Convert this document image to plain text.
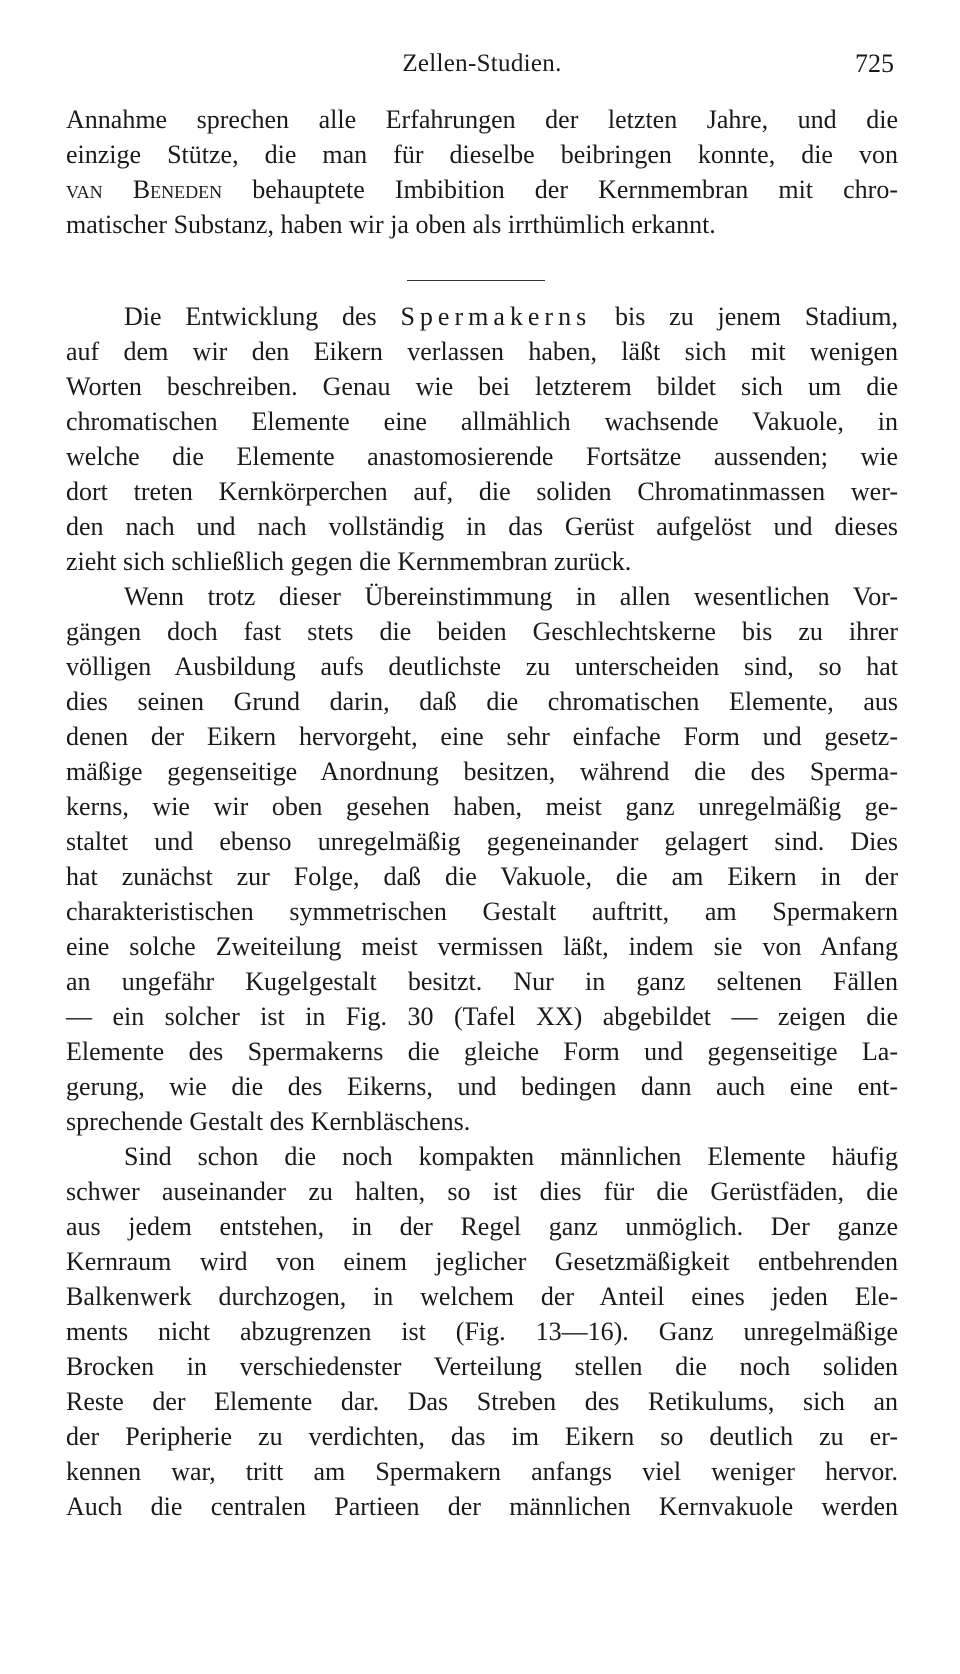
Zellen-Studien.	725
Annahme sprechen alle Erfahrungen der letzten Jahre, und die
einzige Stütze, die man für dieselbe beibringen konnte, die von
van Beneden behauptete Imbibition der Kernmembran mit chro-
matischer Substanz, haben wir ja oben als irrthümlich erkannt.
Die Entwicklung des Spermakerns bis zu jenem Stadium,
auf dem wir den Eikern verlassen haben, läßt sich mit wenigen
Worten beschreiben. Genau wie bei letzterem bildet sich um die
chromatischen Elemente eine allmählich wachsende Vakuole, in
welche die Elemente anastomosierende Fortsätze aussenden; wie
dort treten Kernkörperchen auf, die soliden Chromatinmassen wer-
den nach und nach vollständig in das Gerüst aufgelöst und dieses
zieht sich schließlich gegen die Kernmembran zurück.
Wenn trotz dieser Übereinstimmung in allen wesentlichen Vor-
gängen doch fast stets die beiden Geschlechtskerne bis zu ihrer
völligen Ausbildung aufs deutlichste zu unterscheiden sind, so hat
dies seinen Grund darin, daß die chromatischen Elemente, aus
denen der Eikern hervorgeht, eine sehr einfache Form und gesetz-
mäßige gegenseitige Anordnung besitzen, während die des Sperma-
kerns, wie wir oben gesehen haben, meist ganz unregelmäßig ge-
staltet und ebenso unregelmäßig gegeneinander gelagert sind. Dies
hat zunächst zur Folge, daß die Vakuole, die am Eikern in der
charakteristischen symmetrischen Gestalt auftritt, am Spermakern
eine solche Zweiteilung meist vermissen läßt, indem sie von Anfang
an ungefähr Kugelgestalt besitzt. Nur in ganz seltenen Fällen
— ein solcher ist in Fig. 30 (Tafel XX) abgebildet — zeigen die
Elemente des Spermakerns die gleiche Form und gegenseitige La-
gerung, wie die des Eikerns, und bedingen dann auch eine ent-
sprechende Gestalt des Kernbläschens.
Sind schon die noch kompakten männlichen Elemente häufig
schwer auseinander zu halten, so ist dies für die Gerüstfäden, die
aus jedem entstehen, in der Regel ganz unmöglich. Der ganze
Kernraum wird von einem jeglicher Gesetzmäßigkeit entbehrenden
Balkenwerk durchzogen, in welchem der Anteil eines jeden Ele-
ments nicht abzugrenzen ist (Fig. 13—16). Ganz unregelmäßige
Brocken in verschiedenster Verteilung stellen die noch soliden
Reste der Elemente dar. Das Streben des Retikulums, sich an
der Peripherie zu verdichten, das im Eikern so deutlich zu er-
kennen war, tritt am Spermakern anfangs viel weniger hervor.
Auch die centralen Partieen der männlichen Kernvakuole werden
